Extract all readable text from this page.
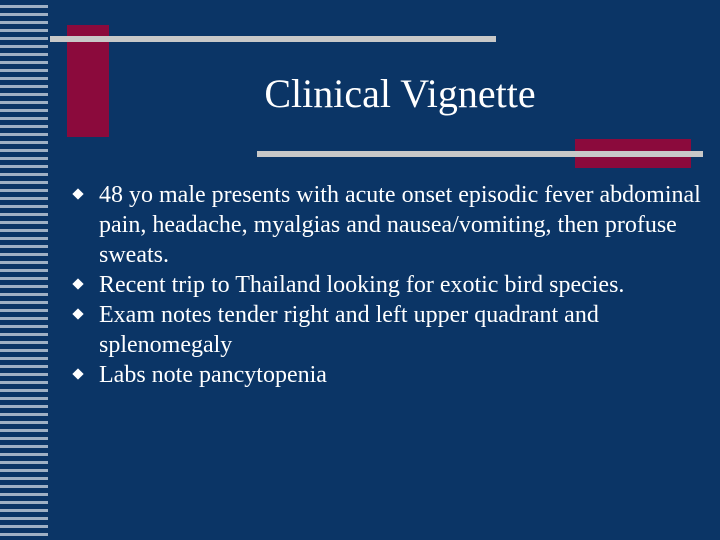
Clinical Vignette
48 yo male presents with acute onset episodic fever abdominal pain, headache, myalgias and nausea/vomiting, then profuse sweats.
Recent trip to Thailand looking for exotic bird species.
Exam notes tender right and left upper quadrant and splenomegaly
Labs note pancytopenia
